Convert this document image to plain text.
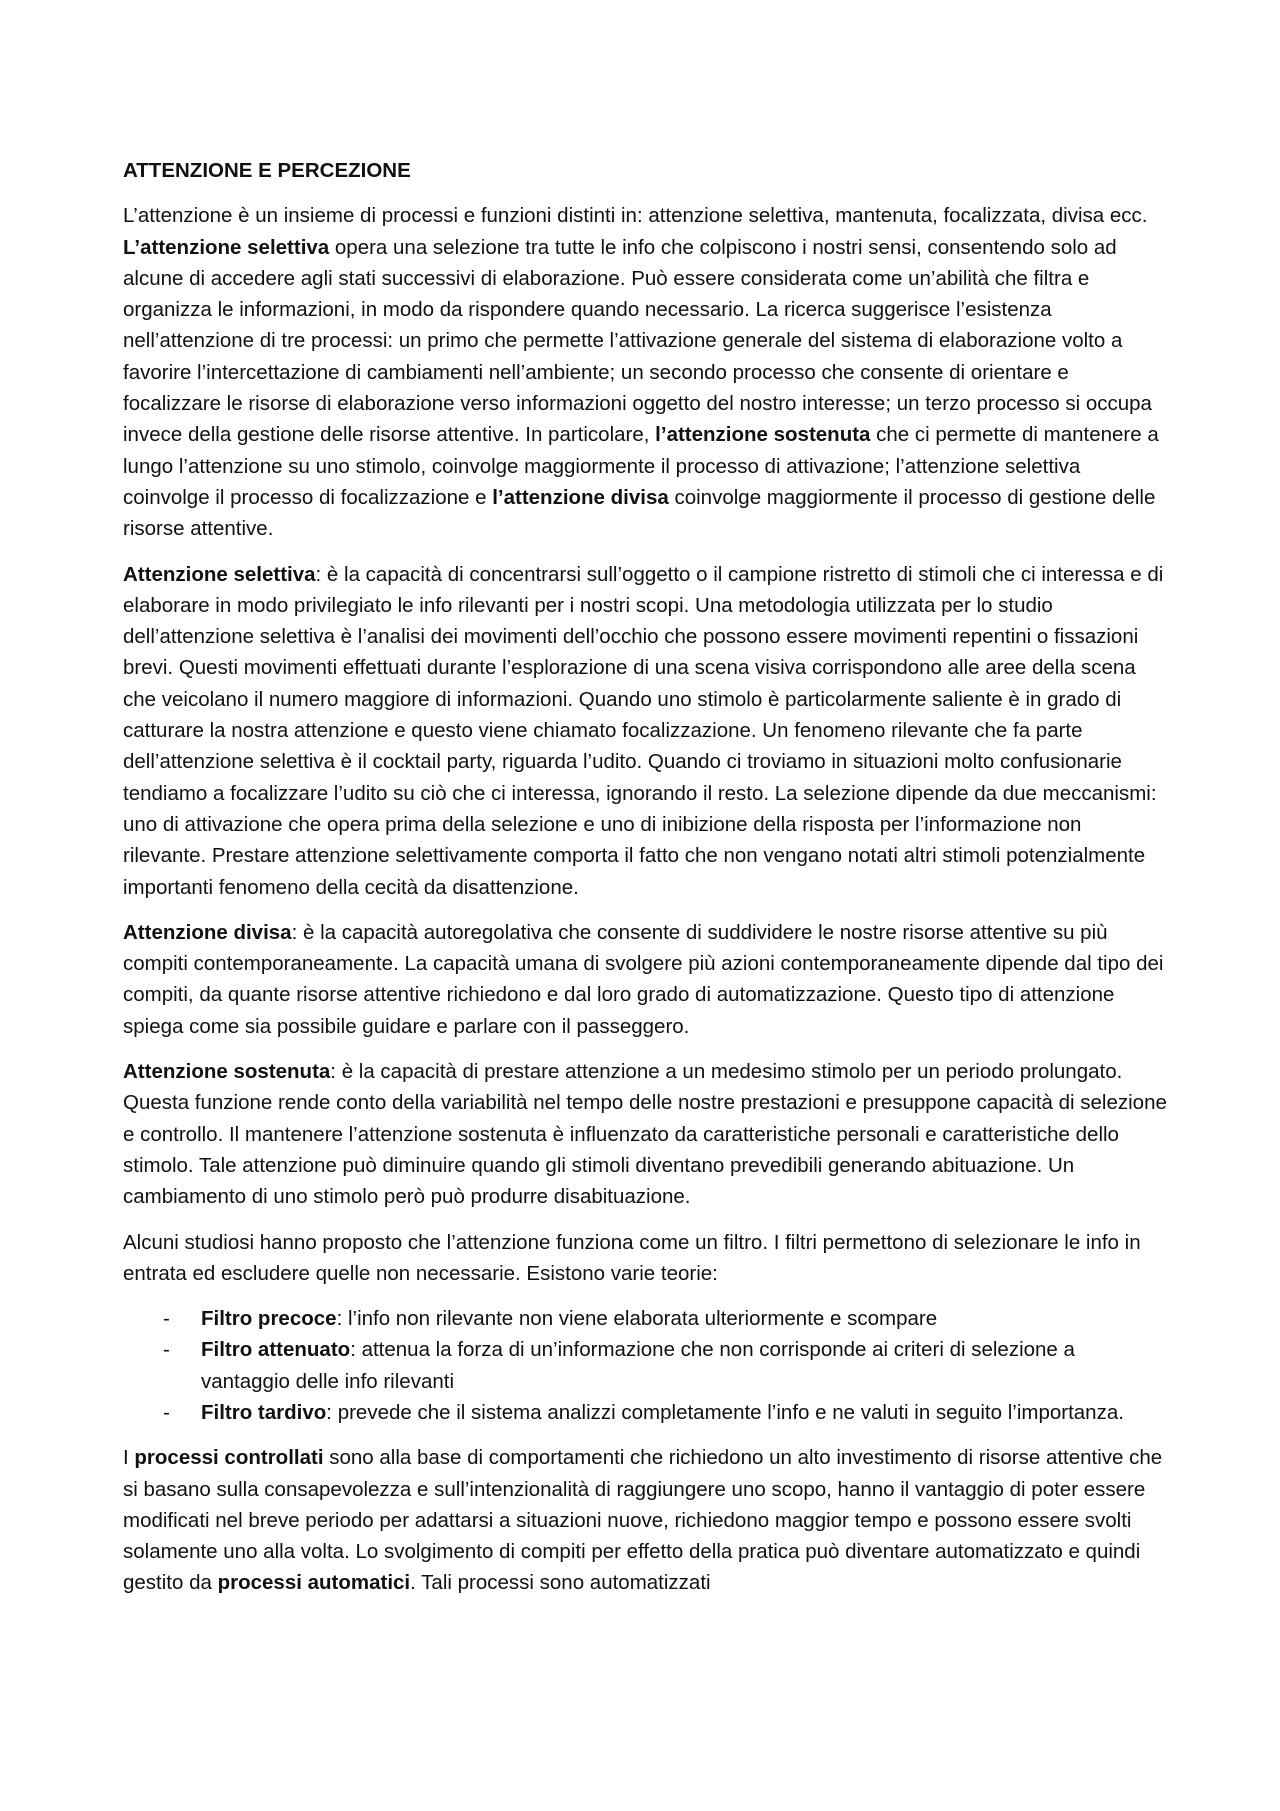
ATTENZIONE E PERCEZIONE

L’attenzione è un insieme di processi e funzioni distinti in: attenzione selettiva, mantenuta, focalizzata, divisa ecc. L’attenzione selettiva opera una selezione tra tutte le info che colpiscono i nostri sensi, consentendo solo ad alcune di accedere agli stati successivi di elaborazione. Può essere considerata come un’abilità che filtra e organizza le informazioni, in modo da rispondere quando necessario. La ricerca suggerisce l’esistenza nell’attenzione di tre processi: un primo che permette l’attivazione generale del sistema di elaborazione volto a favorire l’intercettazione di cambiamenti nell’ambiente; un secondo processo che consente di orientare e focalizzare le risorse di elaborazione verso informazioni oggetto del nostro interesse; un terzo processo si occupa invece della gestione delle risorse attentive. In particolare, l’attenzione sostenuta che ci permette di mantenere a lungo l’attenzione su uno stimolo, coinvolge maggiormente il processo di attivazione; l’attenzione selettiva coinvolge il processo di focalizzazione e l’attenzione divisa coinvolge maggiormente il processo di gestione delle risorse attentive.

Attenzione selettiva: è la capacità di concentrarsi sull’oggetto o il campione ristretto di stimoli che ci interessa e di elaborare in modo privilegiato le info rilevanti per i nostri scopi. Una metodologia utilizzata per lo studio dell’attenzione selettiva è l’analisi dei movimenti dell’occhio che possono essere movimenti repentini o fissazioni brevi. Questi movimenti effettuati durante l’esplorazione di una scena visiva corrispondono alle aree della scena che veicolano il numero maggiore di informazioni. Quando uno stimolo è particolarmente saliente è in grado di catturare la nostra attenzione e questo viene chiamato focalizzazione. Un fenomeno rilevante che fa parte dell’attenzione selettiva è il cocktail party, riguarda l’udito. Quando ci troviamo in situazioni molto confusionarie tendiamo a focalizzare l’udito su ciò che ci interessa, ignorando il resto. La selezione dipende da due meccanismi: uno di attivazione che opera prima della selezione e uno di inibizione della risposta per l’informazione non rilevante. Prestare attenzione selettivamente comporta il fatto che non vengano notati altri stimoli potenzialmente importanti fenomeno della cecità da disattenzione.

Attenzione divisa: è la capacità autoregolativa che consente di suddividere le nostre risorse attentive su più compiti contemporaneamente. La capacità umana di svolgere più azioni contemporaneamente dipende dal tipo dei compiti, da quante risorse attentive richiedono e dal loro grado di automatizzazione. Questo tipo di attenzione spiega come sia possibile guidare e parlare con il passeggero.

Attenzione sostenuta: è la capacità di prestare attenzione a un medesimo stimolo per un periodo prolungato. Questa funzione rende conto della variabilità nel tempo delle nostre prestazioni e presuppone capacità di selezione e controllo. Il mantenere l’attenzione sostenuta è influenzato da caratteristiche personali e caratteristiche dello stimolo. Tale attenzione può diminuire quando gli stimoli diventano prevedibili generando abituazione. Un cambiamento di uno stimolo però può produrre disabituazione.

Alcuni studiosi hanno proposto che l’attenzione funziona come un filtro. I filtri permettono di selezionare le info in entrata ed escludere quelle non necessarie. Esistono varie teorie:

- Filtro precoce: l’info non rilevante non viene elaborata ulteriormente e scompare
- Filtro attenuato: attenua la forza di un’informazione che non corrisponde ai criteri di selezione a vantaggio delle info rilevanti
- Filtro tardivo: prevede che il sistema analizzi completamente l’info e ne valuti in seguito l’importanza.

I processi controllati sono alla base di comportamenti che richiedono un alto investimento di risorse attentive che si basano sulla consapevolezza e sull’intenzionalità di raggiungere uno scopo, hanno il vantaggio di poter essere modificati nel breve periodo per adattarsi a situazioni nuove, richiedono maggior tempo e possono essere svolti solamente uno alla volta. Lo svolgimento di compiti per effetto della pratica può diventare automatizzato e quindi gestito da processi automatici. Tali processi sono automatizzati
